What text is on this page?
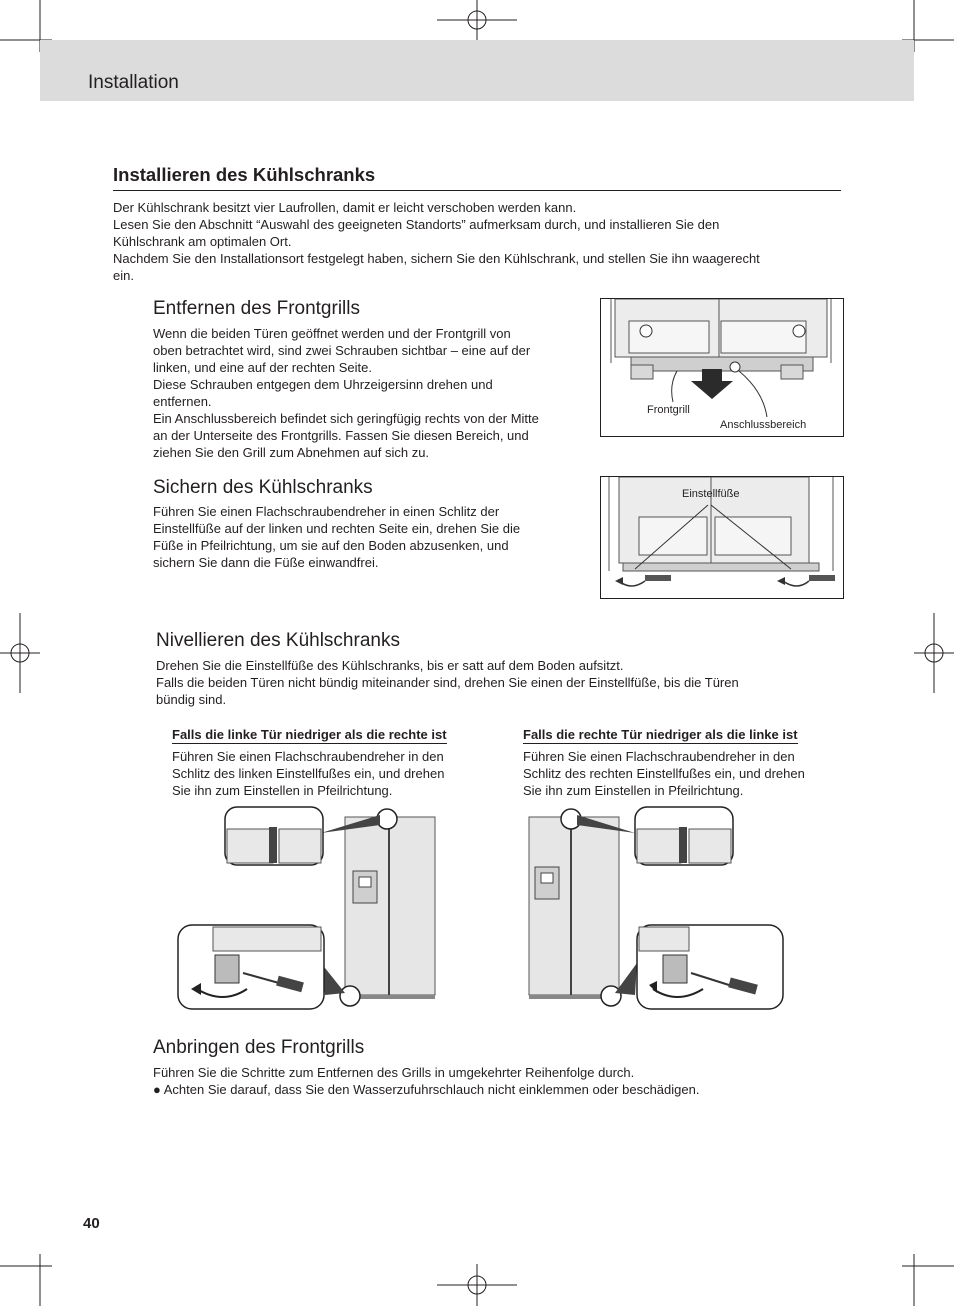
Installation
Installieren des Kühlschranks
Der Kühlschrank besitzt vier Laufrollen, damit er leicht verschoben werden kann.
Lesen Sie den Abschnitt “Auswahl des geeigneten Standorts” aufmerksam durch, und installieren Sie den
Kühlschrank am optimalen Ort.
Nachdem Sie den Installationsort festgelegt haben, sichern Sie den Kühlschrank, und stellen Sie ihn waagerecht
ein.
Entfernen des Frontgrills
Wenn die beiden Türen geöffnet werden und der Frontgrill von
oben betrachtet wird, sind zwei Schrauben sichtbar – eine auf der
linken, und eine auf der rechten Seite.
Diese Schrauben entgegen dem Uhrzeigersinn drehen und
entfernen.
Ein Anschlussbereich befindet sich geringfügig rechts von der Mitte
an der Unterseite des Frontgrills. Fassen Sie diesen Bereich, und
ziehen Sie den Grill zum Abnehmen auf sich zu.
Frontgrill
Anschlussbereich
Sichern des Kühlschranks
Führen Sie einen Flachschraubendreher in einen Schlitz der
Einstellfüße auf der linken und rechten Seite ein, drehen Sie die
Füße in Pfeilrichtung, um sie auf den Boden abzusenken, und
sichern Sie dann die Füße einwandfrei.
Einstellfüße
Nivellieren des Kühlschranks
Drehen Sie die Einstellfüße des Kühlschranks, bis er satt auf dem Boden aufsitzt.
Falls die beiden Türen nicht bündig miteinander sind, drehen Sie einen der Einstellfüße, bis die Türen
bündig sind.
Falls die linke Tür niedriger als die rechte ist
Führen Sie einen Flachschraubendreher in den
Schlitz des linken Einstellfußes ein, und drehen
Sie ihn zum Einstellen in Pfeilrichtung.
Falls die rechte Tür niedriger als die linke ist
Führen Sie einen Flachschraubendreher in den
Schlitz des rechten Einstellfußes ein, und drehen
Sie ihn zum Einstellen in Pfeilrichtung.
Anbringen des Frontgrills
Führen Sie die Schritte zum Entfernen des Grills in umgekehrter Reihenfolge durch.
● Achten Sie darauf, dass Sie den Wasserzufuhrschlauch nicht einklemmen oder beschädigen.
40
